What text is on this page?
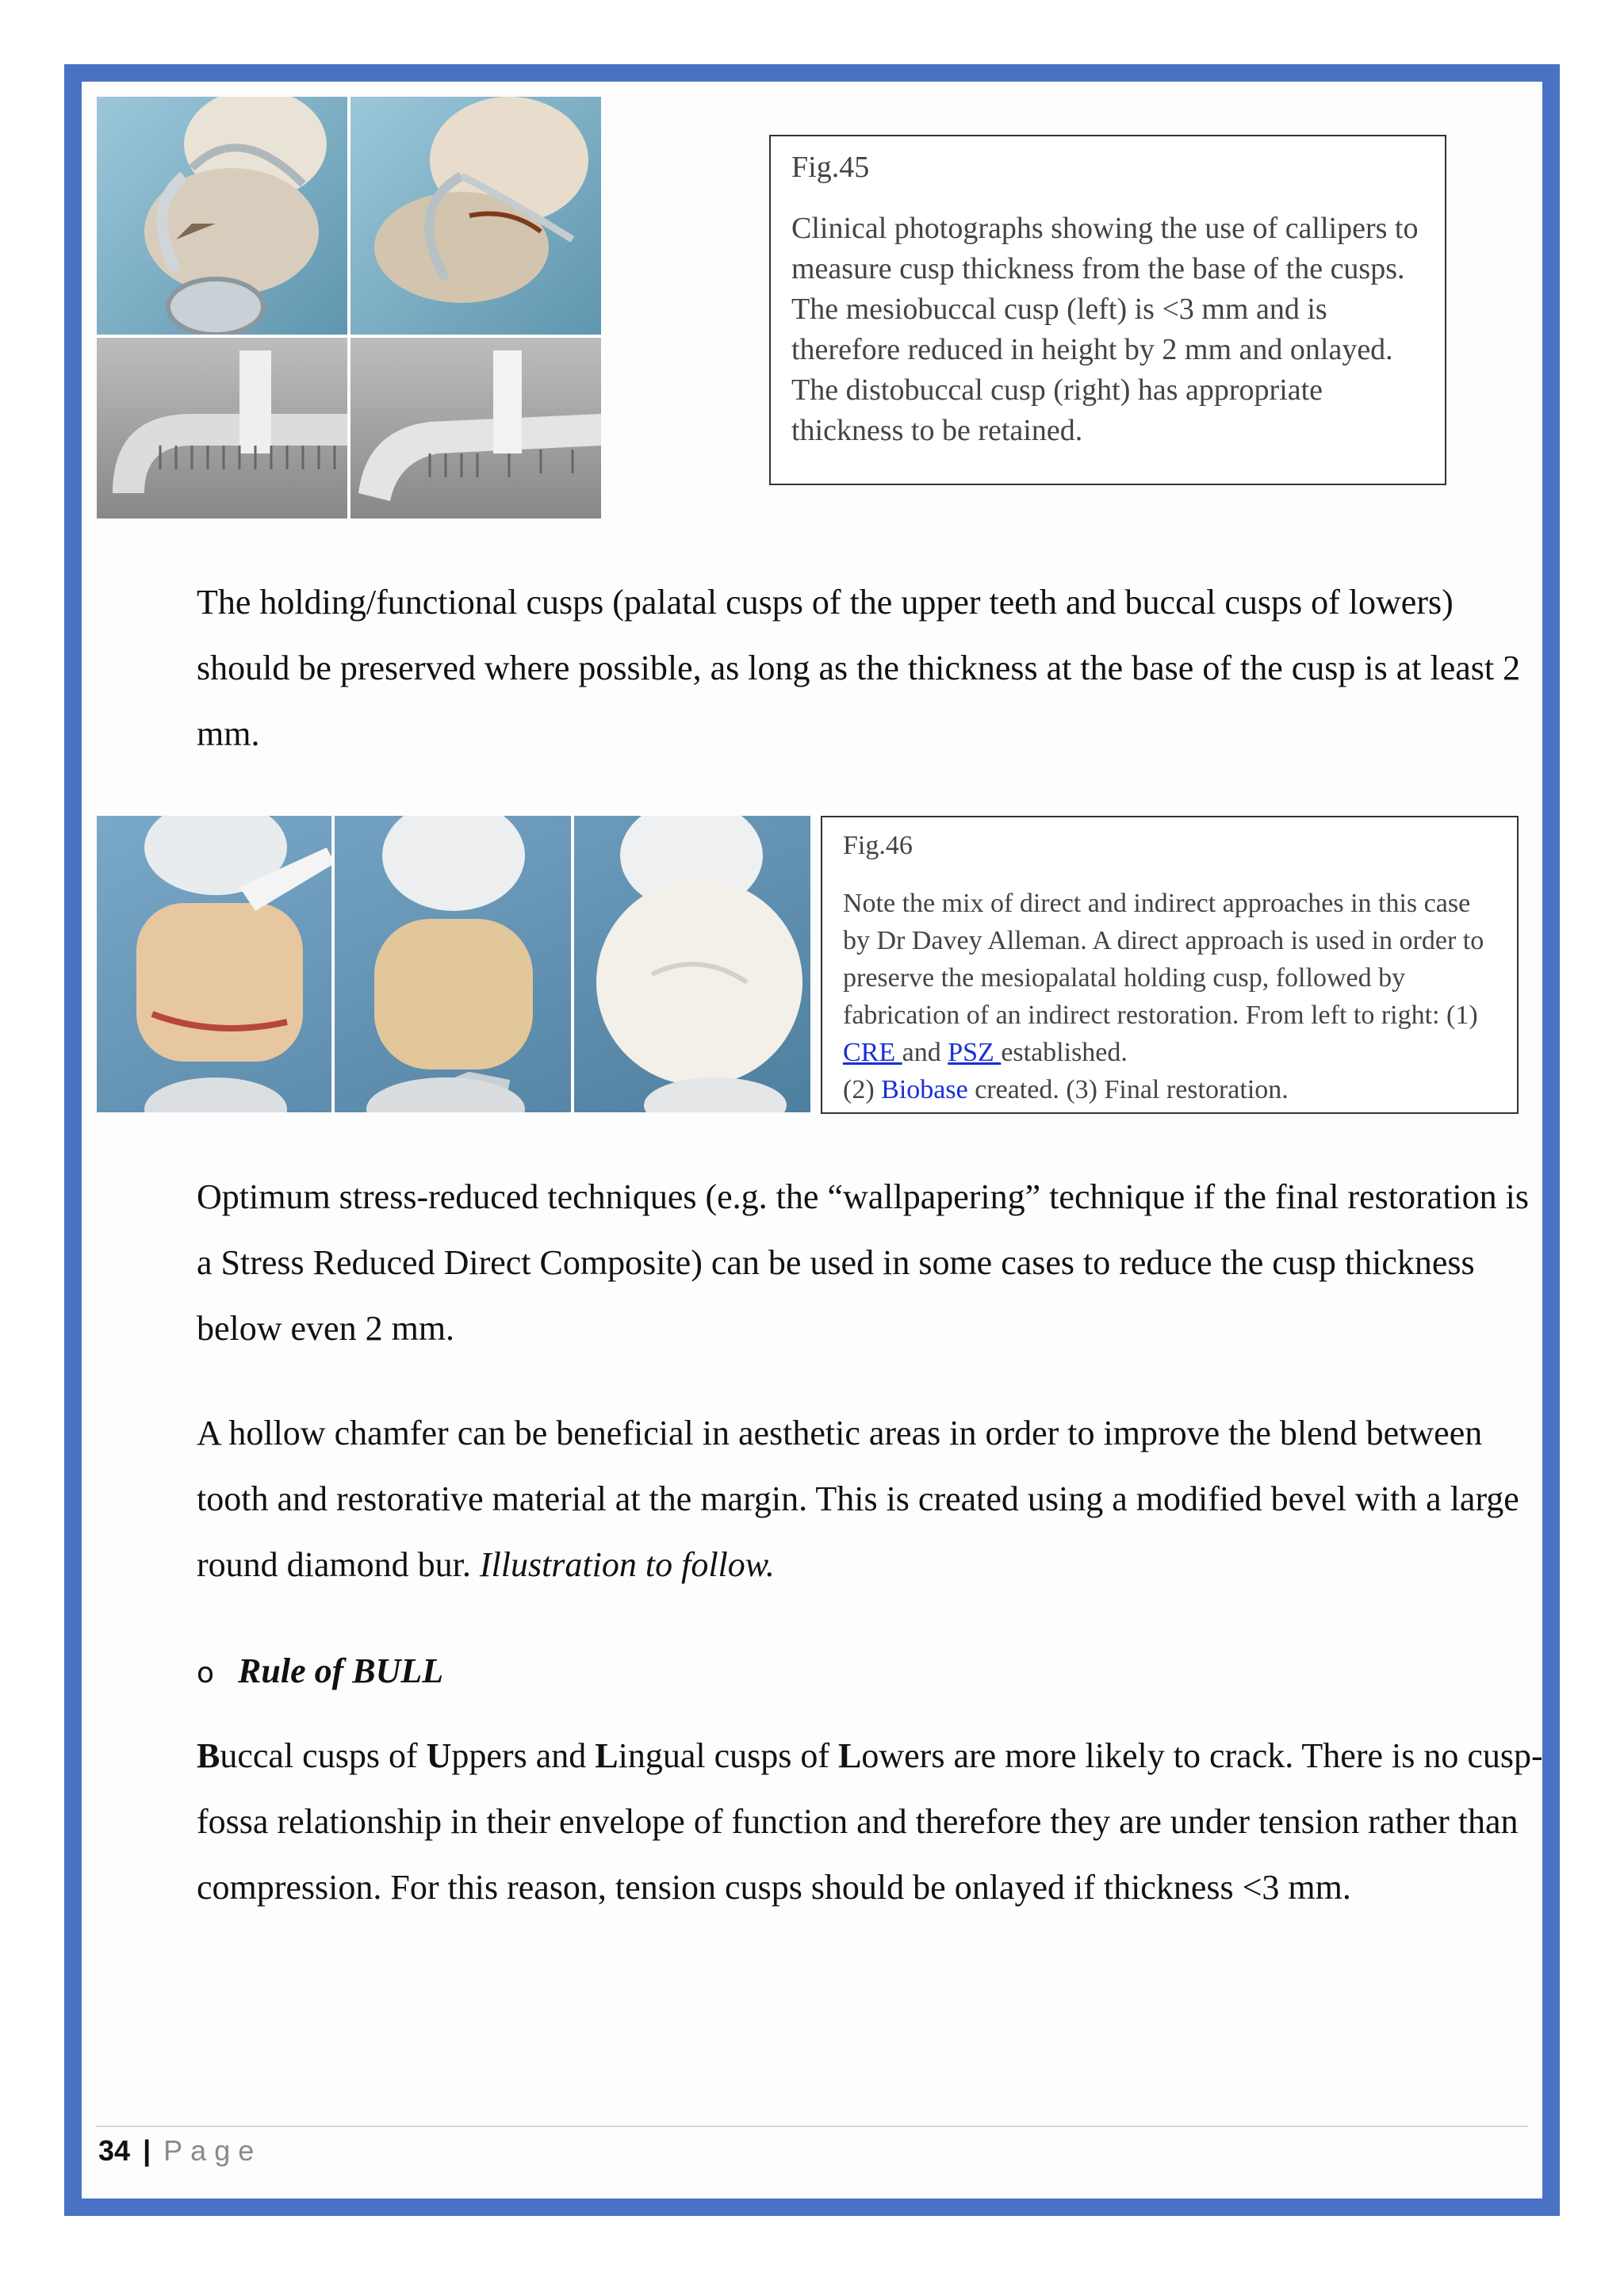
Fig.45

Clinical photographs showing the use of callipers to measure cusp thickness from the base of the cusps. The mesiobuccal cusp (left) is <3 mm and is therefore reduced in height by 2 mm and onlayed. The distobuccal cusp (right) has appropriate thickness to be retained.

The holding/functional cusps (palatal cusps of the upper teeth and buccal cusps of lowers) should be preserved where possible, as long as the thickness at the base of the cusp is at least 2 mm.

Fig.46

Note the mix of direct and indirect approaches in this case by Dr Davey Alleman. A direct approach is used in order to preserve the mesiopalatal holding cusp, followed by fabrication of an indirect restoration. From left to right: (1) CRE and PSZ established.
(2) Biobase created. (3) Final restoration.

Optimum stress-reduced techniques (e.g. the “wallpapering” technique if the final restoration is a Stress Reduced Direct Composite) can be used in some cases to reduce the cusp thickness below even 2 mm.

A hollow chamfer can be beneficial in aesthetic areas in order to improve the blend between tooth and restorative material at the margin. This is created using a modified bevel with a large round diamond bur. Illustration to follow.

o Rule of BULL

Buccal cusps of Uppers and Lingual cusps of Lowers are more likely to crack. There is no cusp-fossa relationship in their envelope of function and therefore they are under tension rather than compression. For this reason, tension cusps should be onlayed if thickness <3 mm.

34 | Page
